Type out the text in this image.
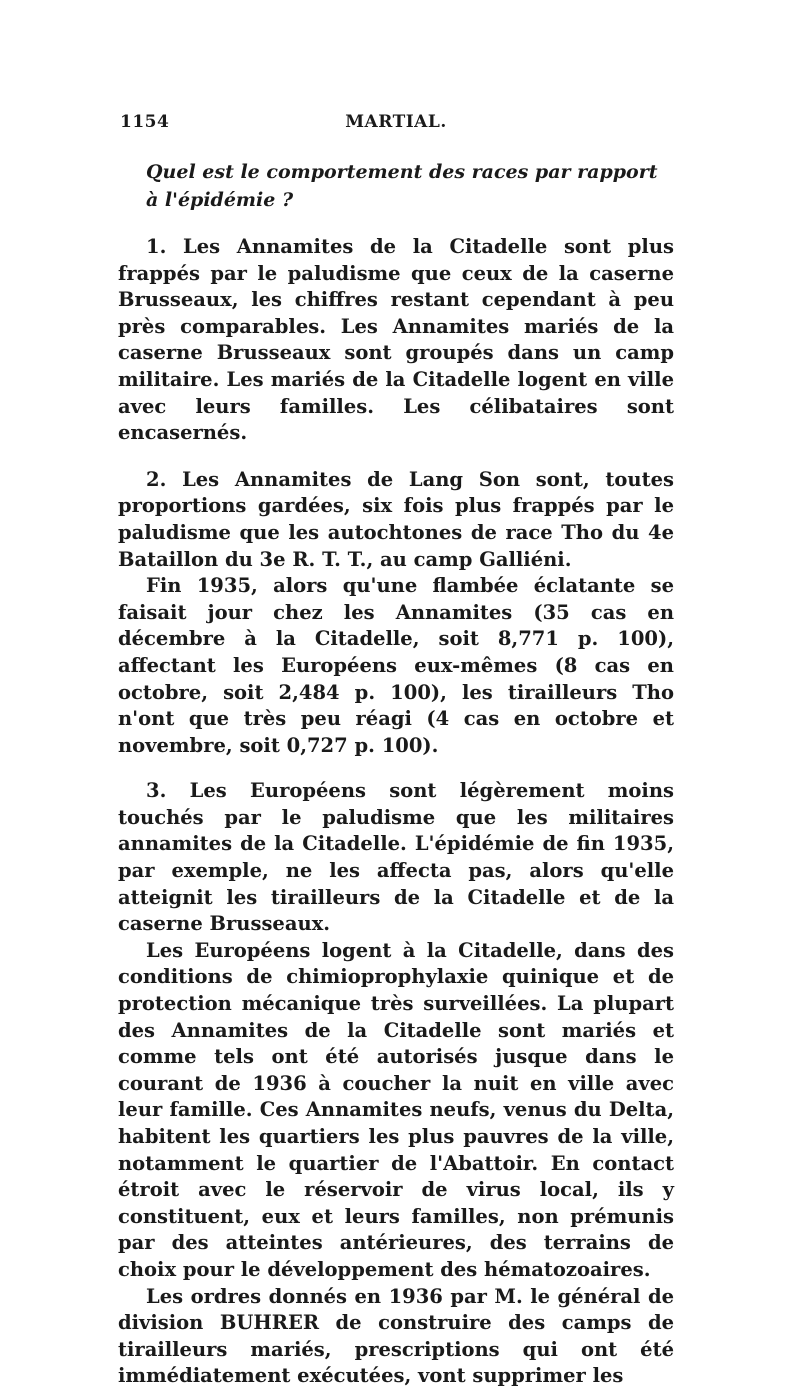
1154	MARTIAL.

Quel est le comportement des races par rapport à l'épidémie ?

1. Les Annamites de la Citadelle sont plus frappés par le paludisme que ceux de la caserne Brusseaux, les chiffres restant cependant à peu près comparables. Les Annamites mariés de la caserne Brusseaux sont groupés dans un camp militaire. Les mariés de la Citadelle logent en ville avec leurs familles. Les célibataires sont encasernés.

2. Les Annamites de Lang Son sont, toutes proportions gardées, six fois plus frappés par le paludisme que les autochtones de race Tho du 4e Bataillon du 3e R. T. T., au camp Galliéni.

Fin 1935, alors qu'une flambée éclatante se faisait jour chez les Annamites (35 cas en décembre à la Citadelle, soit 8,771 p. 100), affectant les Européens eux-mêmes (8 cas en octobre, soit 2,484 p. 100), les tirailleurs Tho n'ont que très peu réagi (4 cas en octobre et novembre, soit 0,727 p. 100).

3. Les Européens sont légèrement moins touchés par le paludisme que les militaires annamites de la Citadelle. L'épidémie de fin 1935, par exemple, ne les affecta pas, alors qu'elle atteignit les tirailleurs de la Citadelle et de la caserne Brusseaux.

Les Européens logent à la Citadelle, dans des conditions de chimioprophylaxie quinique et de protection mécanique très surveillées. La plupart des Annamites de la Citadelle sont mariés et comme tels ont été autorisés jusque dans le courant de 1936 à coucher la nuit en ville avec leur famille. Ces Annamites neufs, venus du Delta, habitent les quartiers les plus pauvres de la ville, notamment le quartier de l'Abattoir. En contact étroit avec le réservoir de virus local, ils y constituent, eux et leurs familles, non prémunis par des atteintes antérieures, des terrains de choix pour le développement des hématozoaires.

Les ordres donnés en 1936 par M. le général de division BUHRER de construire des camps de tirailleurs mariés, prescriptions qui ont été immédiatement exécutées, vont supprimer les
